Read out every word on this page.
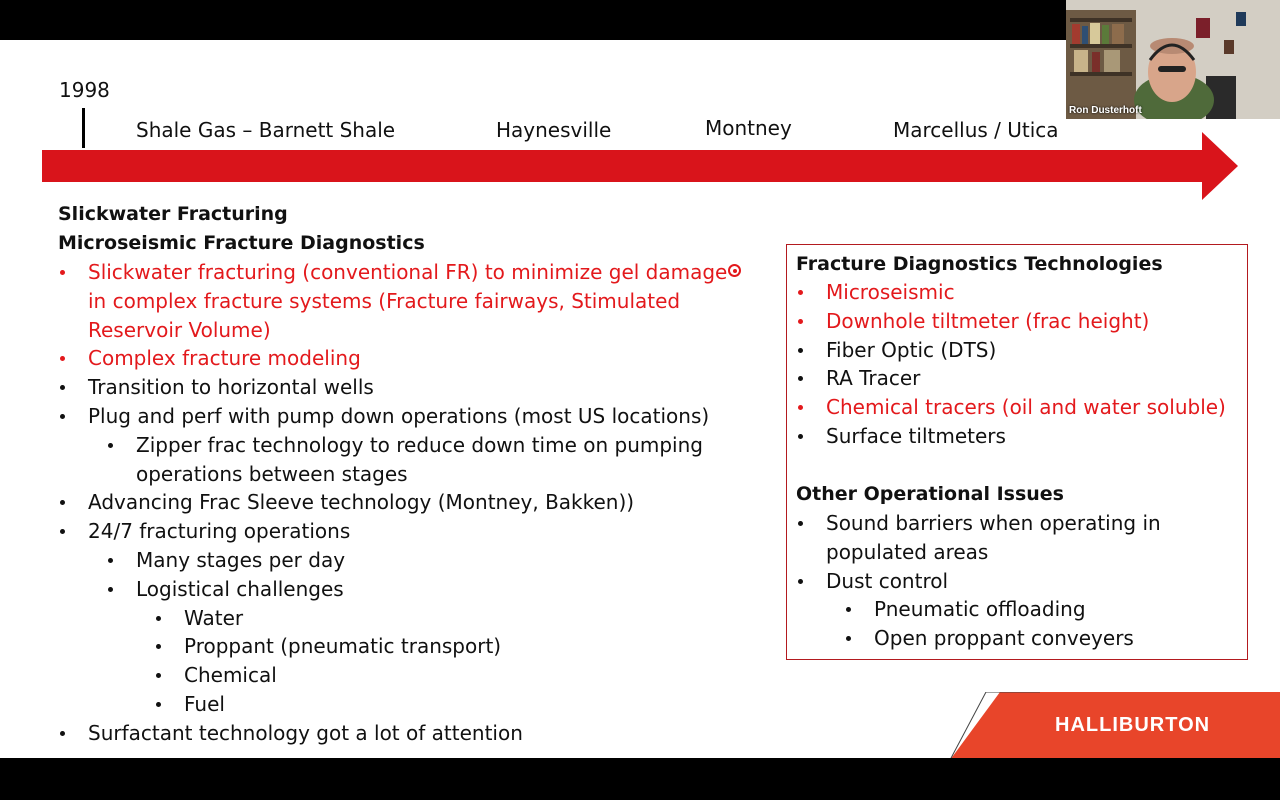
1998
Shale Gas – Barnett Shale	Haynesville	Montney	Marcellus / Utica
Slickwater Fracturing
Microseismic Fracture Diagnostics
Slickwater fracturing (conventional FR) to minimize gel damage
in complex fracture systems (Fracture fairways, Stimulated
Reservoir Volume)
Complex fracture modeling
Transition to horizontal wells
Plug and perf with pump down operations (most US locations)
Zipper frac technology to reduce down time on pumping
operations between stages
Advancing Frac Sleeve technology (Montney, Bakken))
24/7 fracturing operations
Many stages per day
Logistical challenges
Water
Proppant (pneumatic transport)
Chemical
Fuel
Surfactant technology got a lot of attention
Fracture Diagnostics Technologies
Other Operational Issues
Microseismic
Downhole tiltmeter (frac height)
Fiber Optic (DTS)
RA Tracer
Chemical tracers (oil and water soluble)
Surface tiltmeters
Sound barriers when operating in
populated areas
Dust control
Pneumatic offloading
Open proppant conveyers
HALLIBURTON
Ron Dusterhoft
